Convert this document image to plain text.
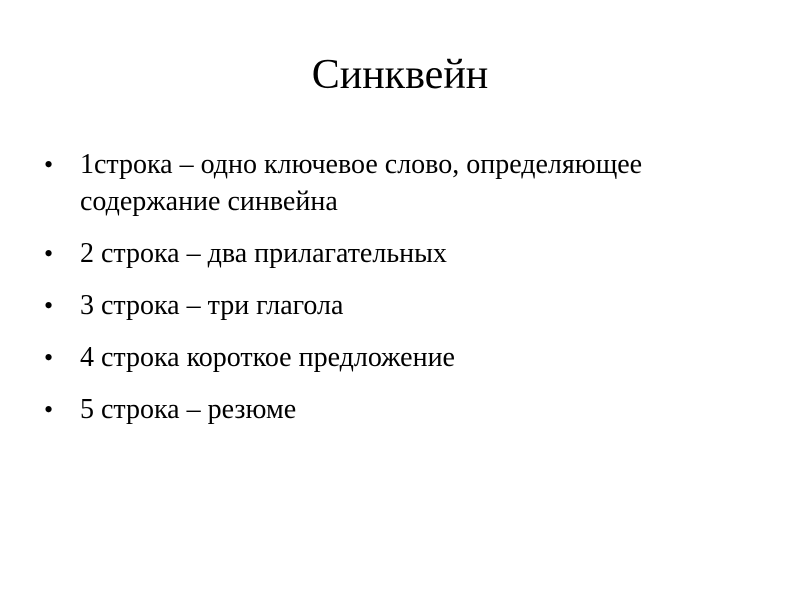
Синквейн
• 1строка – одно ключевое слово, определяющее содержание синвейна
• 2 строка – два прилагательных
• 3 строка – три глагола
• 4 строка короткое предложение
• 5 строка – резюме
